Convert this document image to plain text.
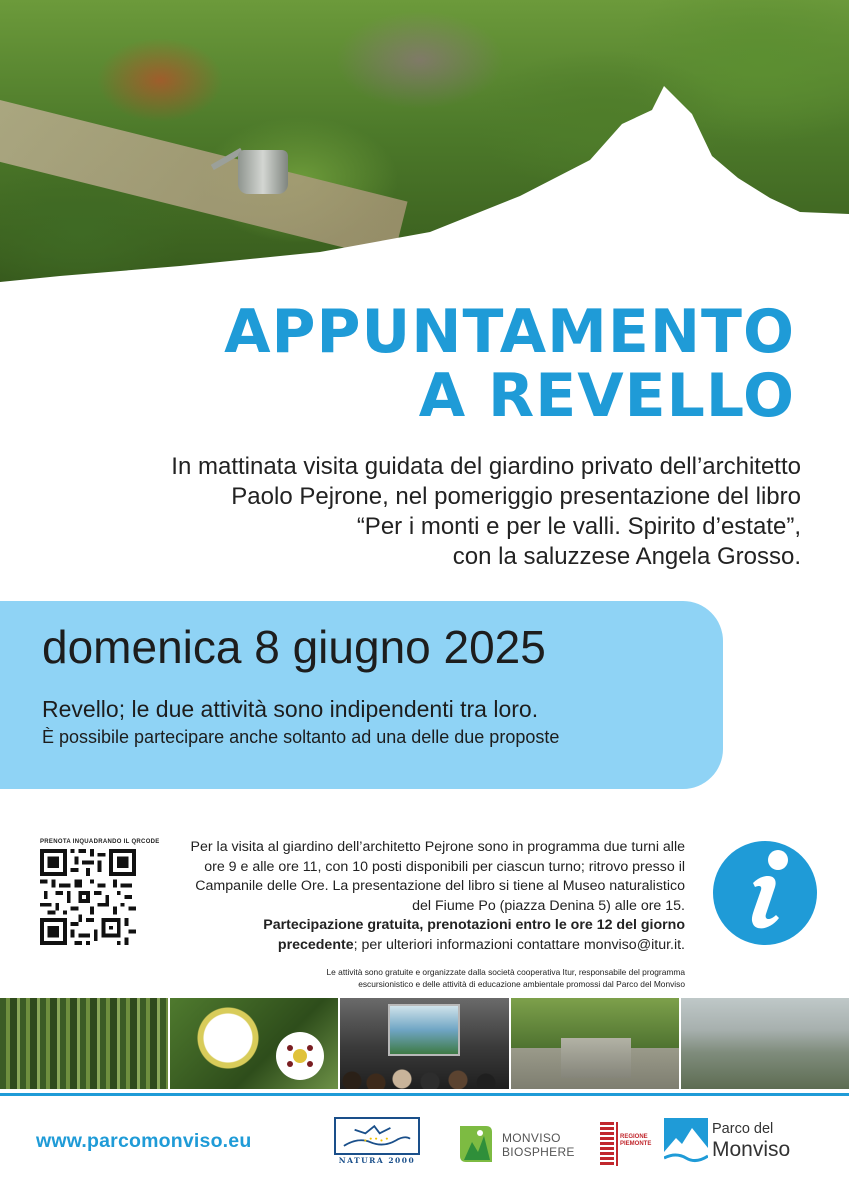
APPUNTAMENTO
A REVELLO
In mattinata visita guidata del giardino privato dell’architetto
Paolo Pejrone, nel pomeriggio presentazione del libro
“Per i monti e per le valli. Spirito d’estate”,
con la saluzzese Angela Grosso.
domenica 8 giugno 2025
Revello; le due attività sono indipendenti tra loro.
È possibile partecipare anche soltanto ad una delle due proposte
PRENOTA INQUADRANDO IL QRCODE	Per la visita al giardino dell’architetto Pejrone sono in programma due turni alle
ore 9 e alle ore 11, con 10 posti disponibili per ciascun turno; ritrovo presso il
Campanile delle Ore. La presentazione del libro si tiene al Museo naturalistico
del Fiume Po (piazza Denina 5) alle ore 15.
Partecipazione gratuita, prenotazioni entro le ore 12 del giorno
precedente; per ulteriori informazioni contattare monviso@itur.it.
Le attività sono gratuite e organizzate dalla società cooperativa Itur, responsabile del programma
escursionistico e delle attività di educazione ambientale promossi dal Parco del Monviso
www.parcomonviso.eu
NATURA 2000
MONVISO
BIOSPHERE
REGIONE
PIEMONTE
Parco del
Monviso
